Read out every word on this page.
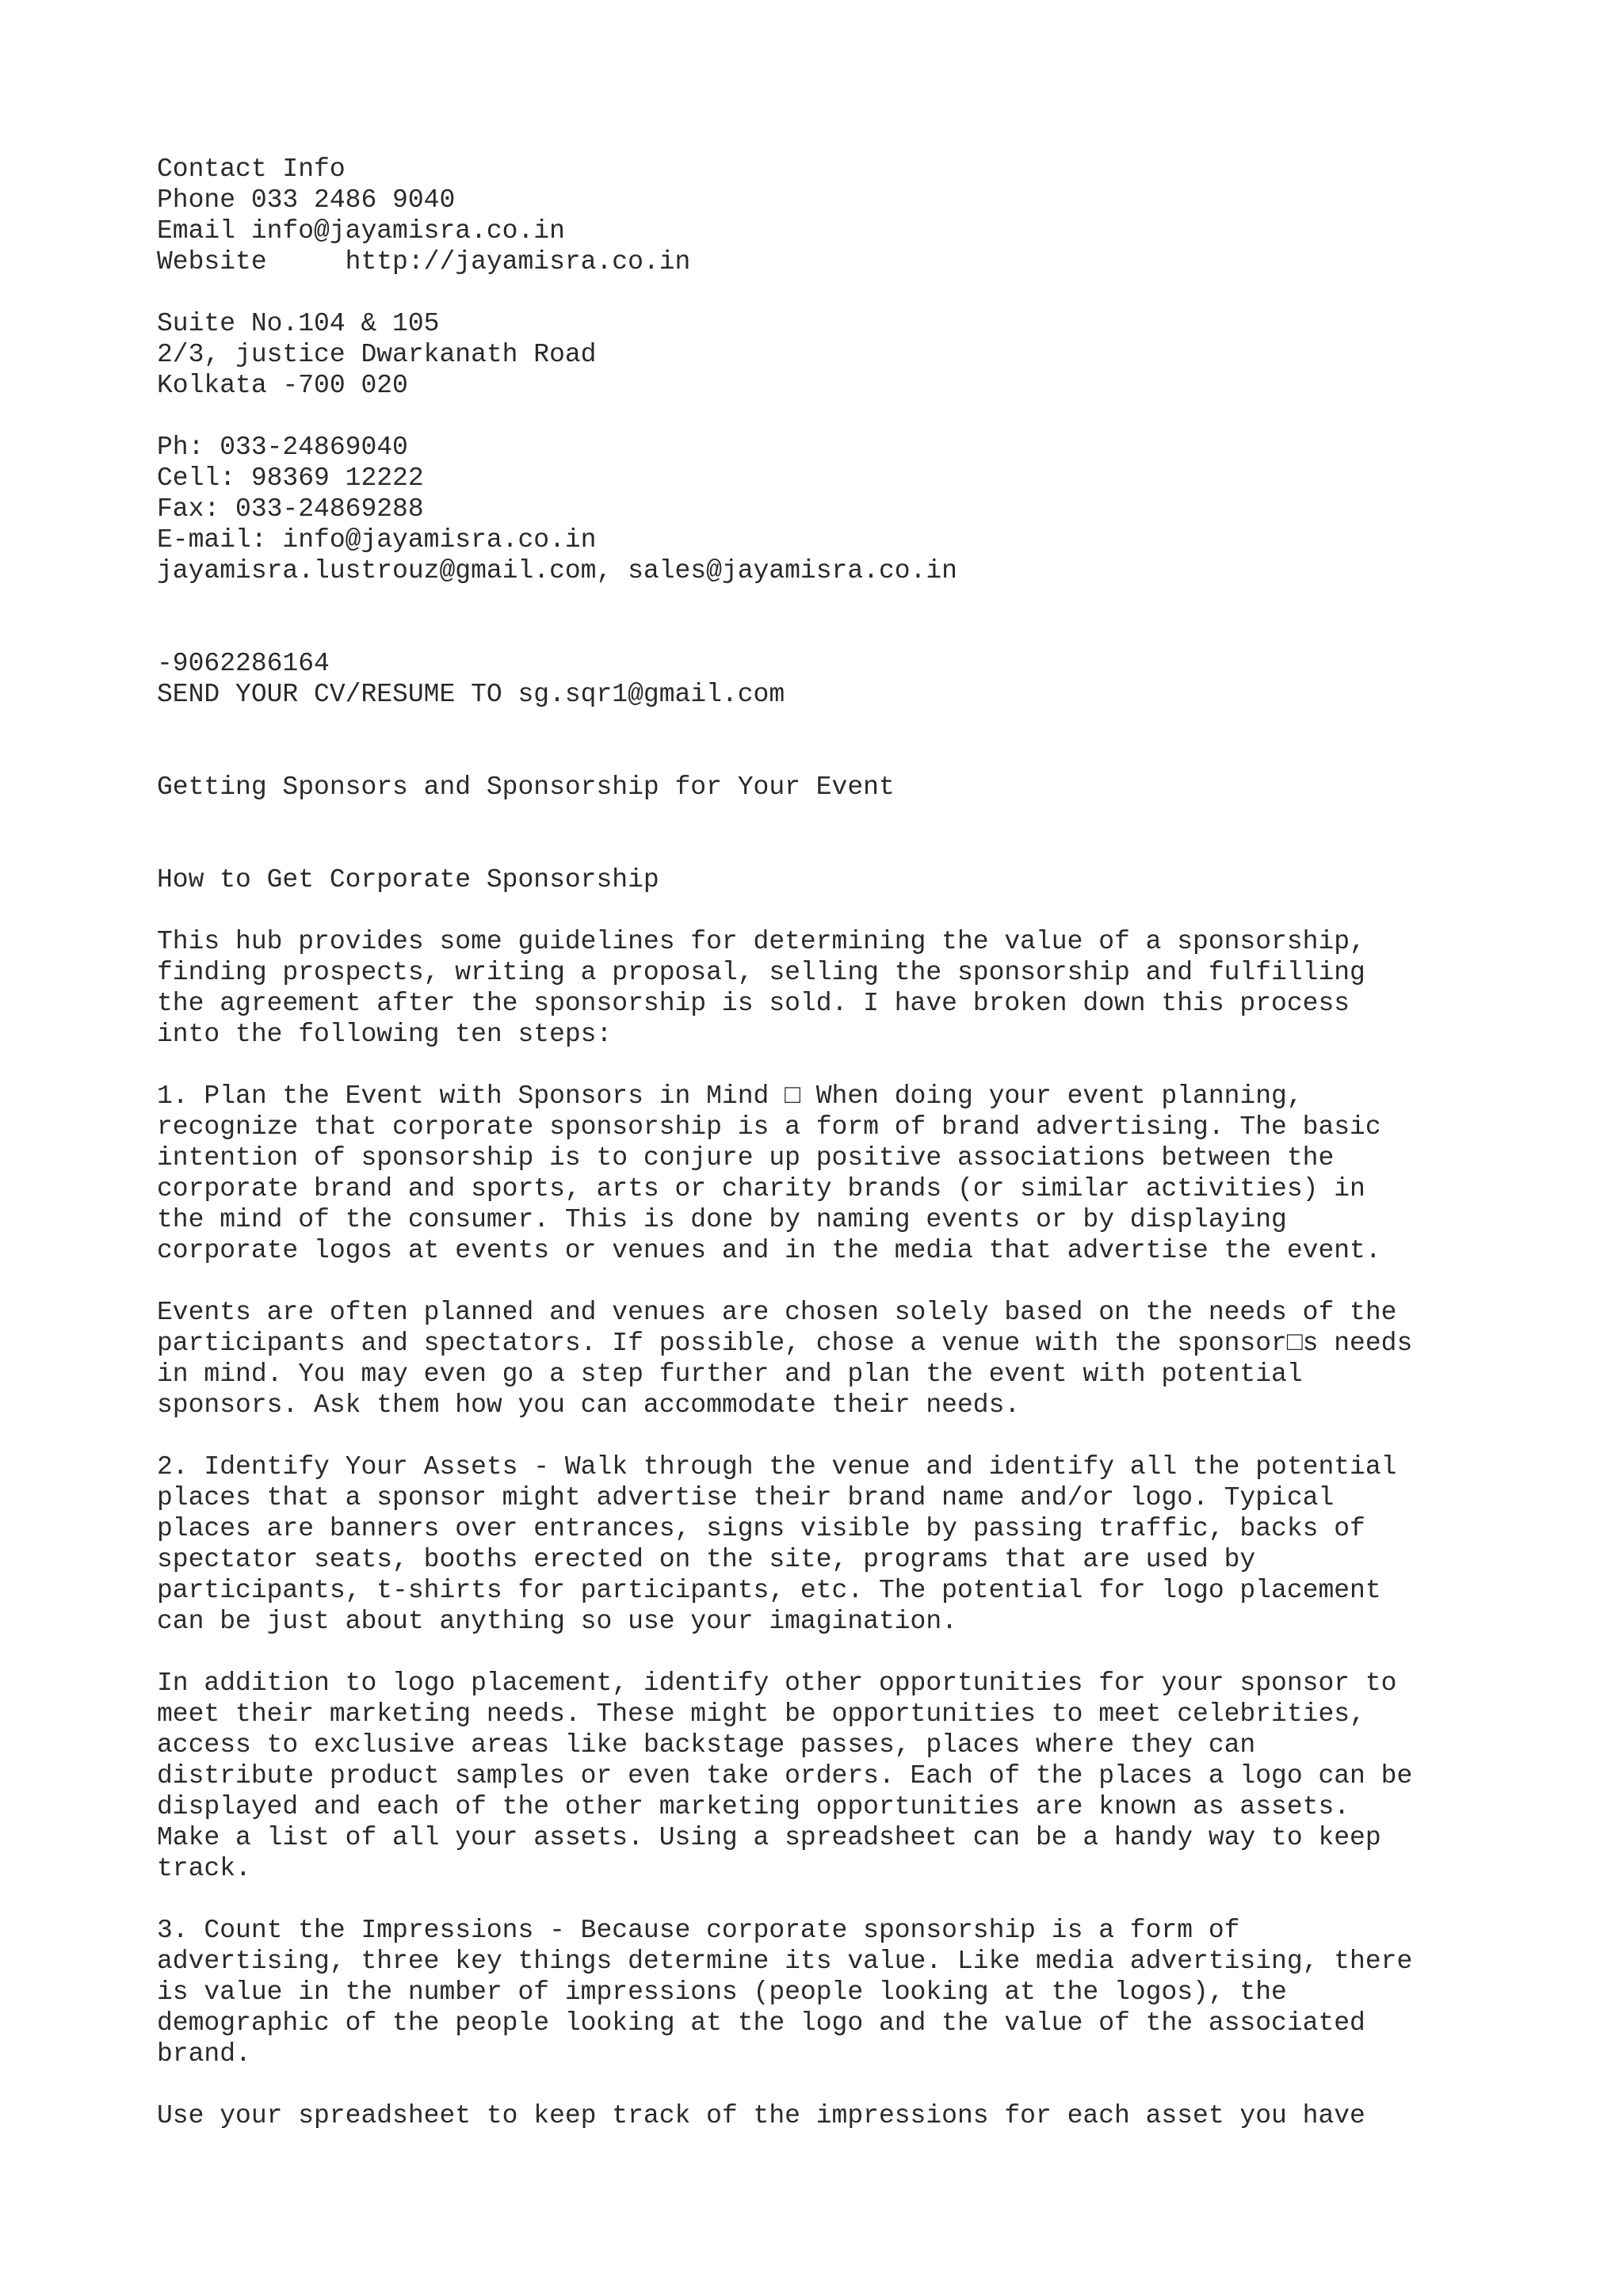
Contact Info
Phone 033 2486 9040
Email info@jayamisra.co.in
Website     http://jayamisra.co.in
Suite No.104 & 105
2/3, justice Dwarkanath Road
Kolkata -700 020
Ph: 033-24869040
Cell: 98369 12222
Fax: 033-24869288
E-mail: info@jayamisra.co.in
jayamisra.lustrouz@gmail.com, sales@jayamisra.co.in
-9062286164
SEND YOUR CV/RESUME TO sg.sqr1@gmail.com
Getting Sponsors and Sponsorship for Your Event
How to Get Corporate Sponsorship
This hub provides some guidelines for determining the value of a sponsorship,
finding prospects, writing a proposal, selling the sponsorship and fulfilling
the agreement after the sponsorship is sold. I have broken down this process
into the following ten steps:
1. Plan the Event with Sponsors in Mind □ When doing your event planning,
recognize that corporate sponsorship is a form of brand advertising. The basic
intention of sponsorship is to conjure up positive associations between the
corporate brand and sports, arts or charity brands (or similar activities) in
the mind of the consumer. This is done by naming events or by displaying
corporate logos at events or venues and in the media that advertise the event.
Events are often planned and venues are chosen solely based on the needs of the
participants and spectators. If possible, chose a venue with the sponsor□s needs
in mind. You may even go a step further and plan the event with potential
sponsors. Ask them how you can accommodate their needs.
2. Identify Your Assets - Walk through the venue and identify all the potential
places that a sponsor might advertise their brand name and/or logo. Typical
places are banners over entrances, signs visible by passing traffic, backs of
spectator seats, booths erected on the site, programs that are used by
participants, t-shirts for participants, etc. The potential for logo placement
can be just about anything so use your imagination.
In addition to logo placement, identify other opportunities for your sponsor to
meet their marketing needs. These might be opportunities to meet celebrities,
access to exclusive areas like backstage passes, places where they can
distribute product samples or even take orders. Each of the places a logo can be
displayed and each of the other marketing opportunities are known as assets.
Make a list of all your assets. Using a spreadsheet can be a handy way to keep
track.
3. Count the Impressions - Because corporate sponsorship is a form of
advertising, three key things determine its value. Like media advertising, there
is value in the number of impressions (people looking at the logos), the
demographic of the people looking at the logo and the value of the associated
brand.
Use your spreadsheet to keep track of the impressions for each asset you have
